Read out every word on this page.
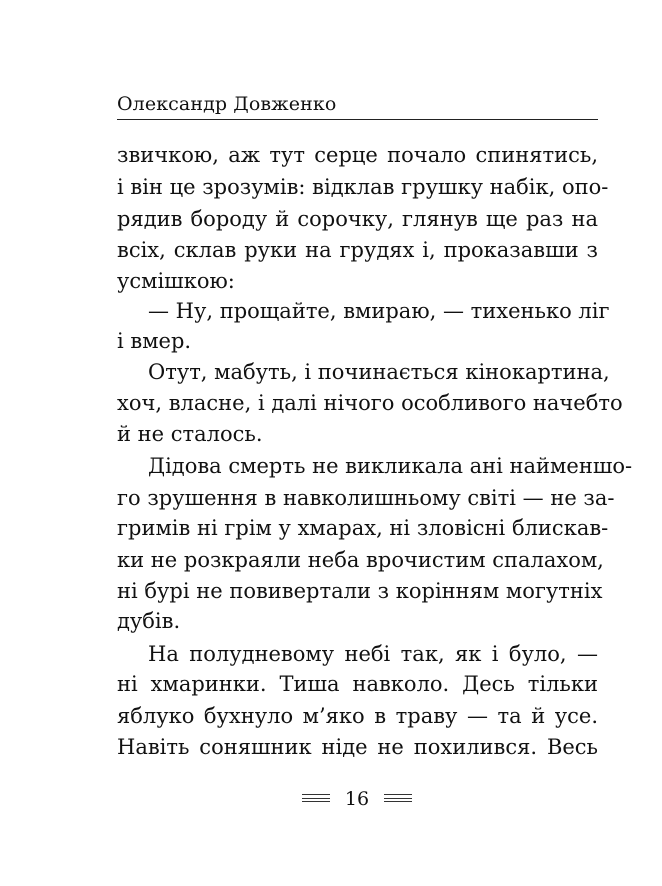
Олександр Довженко
звичкою, аж тут серце почало спинятись,
і він це зрозумів: відклав грушку набік, опо-
рядив бороду й сорочку, глянув ще раз на
всіх, склав руки на грудях і, проказавши з
усмішкою:
— Ну, прощайте, вмираю, — тихенько ліг
і вмер.
Отут, мабуть, і починається кінокартина,
хоч, власне, і далі нічого особливого начебто
й не сталось.
Дідова смерть не викликала ані найменшо-
го зрушення в навколишньому світі — не за-
гримів ні грім у хмарах, ні зловісні блискав-
ки не розкраяли неба врочистим спалахом,
ні бурі не повивертали з корінням могутніх
дубів.
На полудневому небі так, як і було, —
ні хмаринки. Тиша навколо. Десь тільки
яблуко бухнуло м’яко в траву — та й усе.
Навіть соняшник ніде не похилився. Весь
16
